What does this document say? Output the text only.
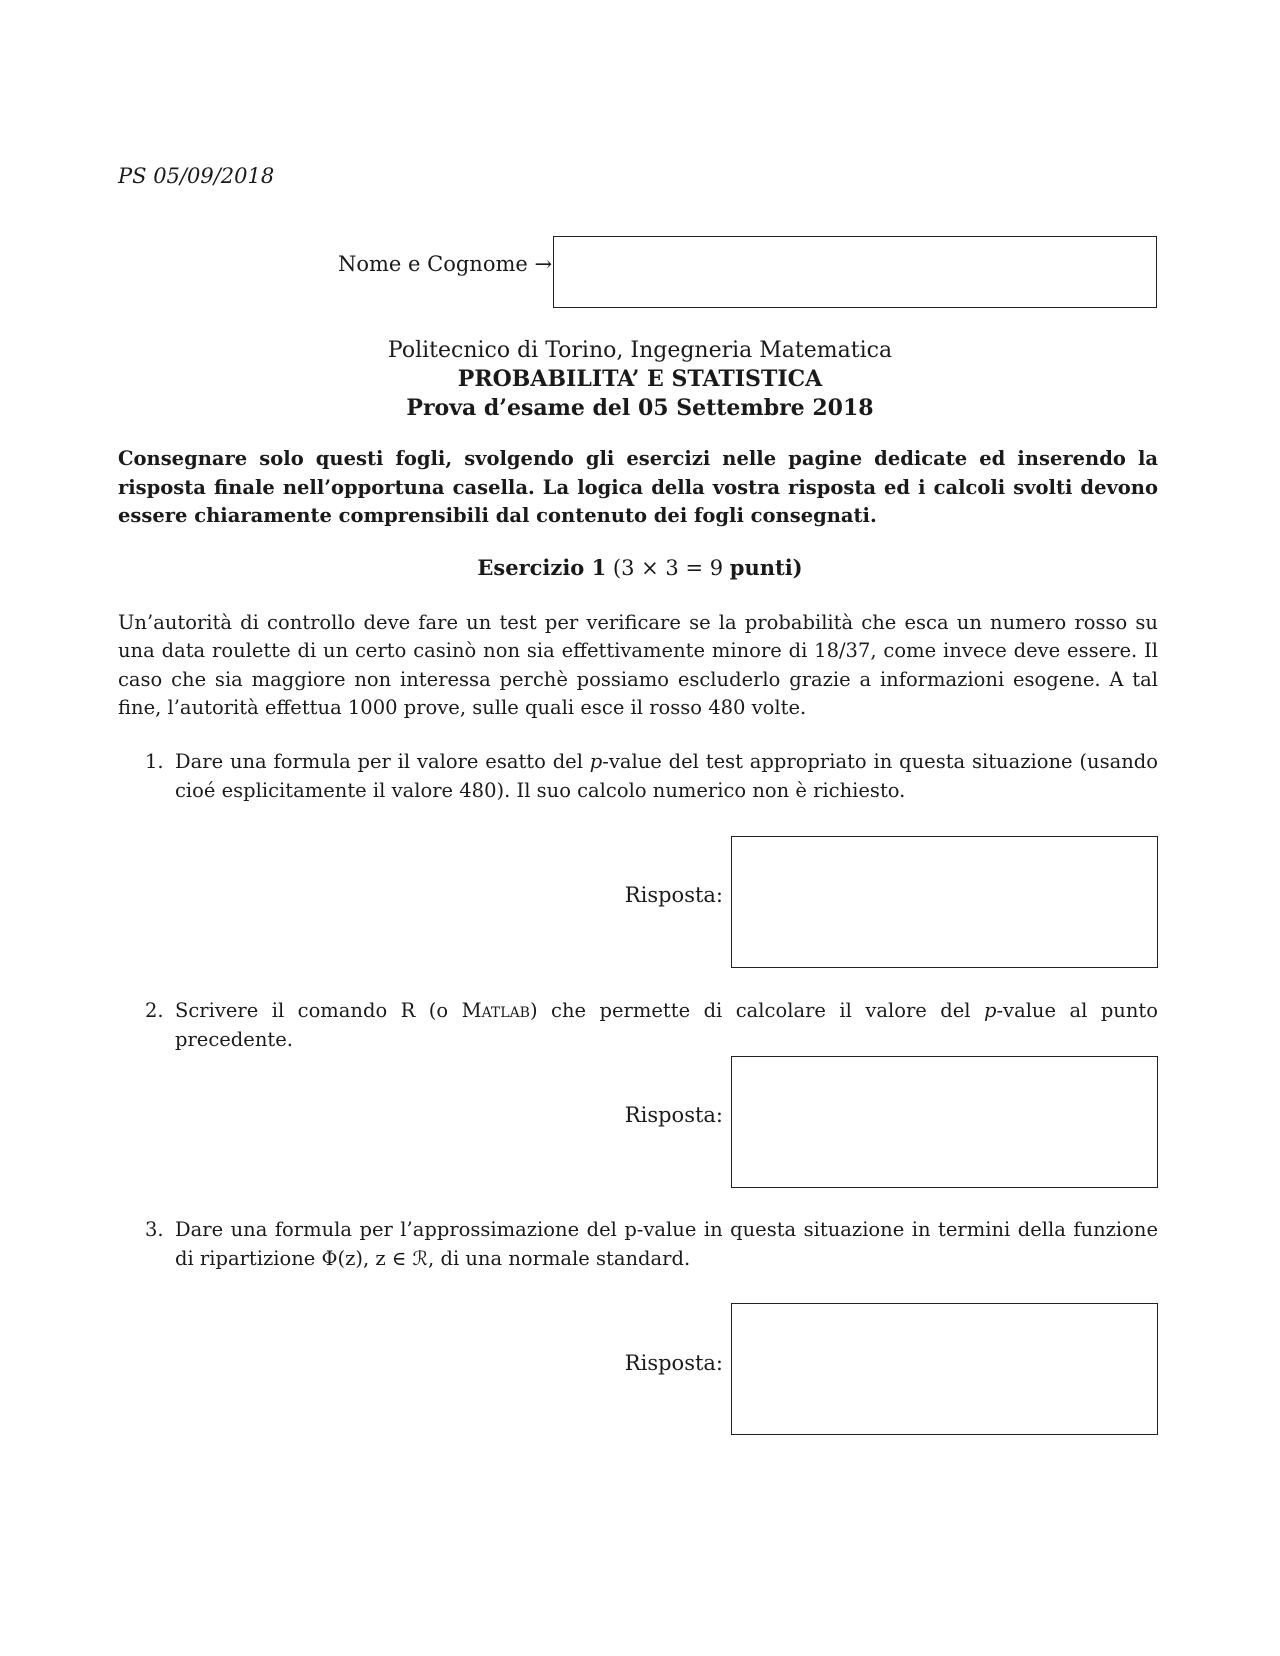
PS 05/09/2018
Nome e Cognome →
Politecnico di Torino, Ingegneria Matematica
PROBABILITA’ E STATISTICA
Prova d’esame del 05 Settembre 2018
Consegnare solo questi fogli, svolgendo gli esercizi nelle pagine dedicate ed inserendo la risposta finale nell’opportuna casella. La logica della vostra risposta ed i calcoli svolti devono essere chiaramente comprensibili dal contenuto dei fogli consegnati.
Esercizio 1 (3 × 3 = 9 punti)
Un’autorità di controllo deve fare un test per verificare se la probabilità che esca un numero rosso su una data roulette di un certo casinò non sia effettivamente minore di 18/37, come invece deve essere. Il caso che sia maggiore non interessa perchè possiamo escluderlo grazie a informazioni esogene. A tal fine, l’autorità effettua 1000 prove, sulle quali esce il rosso 480 volte.
1. Dare una formula per il valore esatto del p-value del test appropriato in questa situazione (usando cioé esplicitamente il valore 480). Il suo calcolo numerico non è richiesto.
Risposta:
2. Scrivere il comando R (o Matlab) che permette di calcolare il valore del p-value al punto precedente.
Risposta:
3. Dare una formula per l’approssimazione del p-value in questa situazione in termini della funzione di ripartizione Φ(z), z ∈ ℛ, di una normale standard.
Risposta:
